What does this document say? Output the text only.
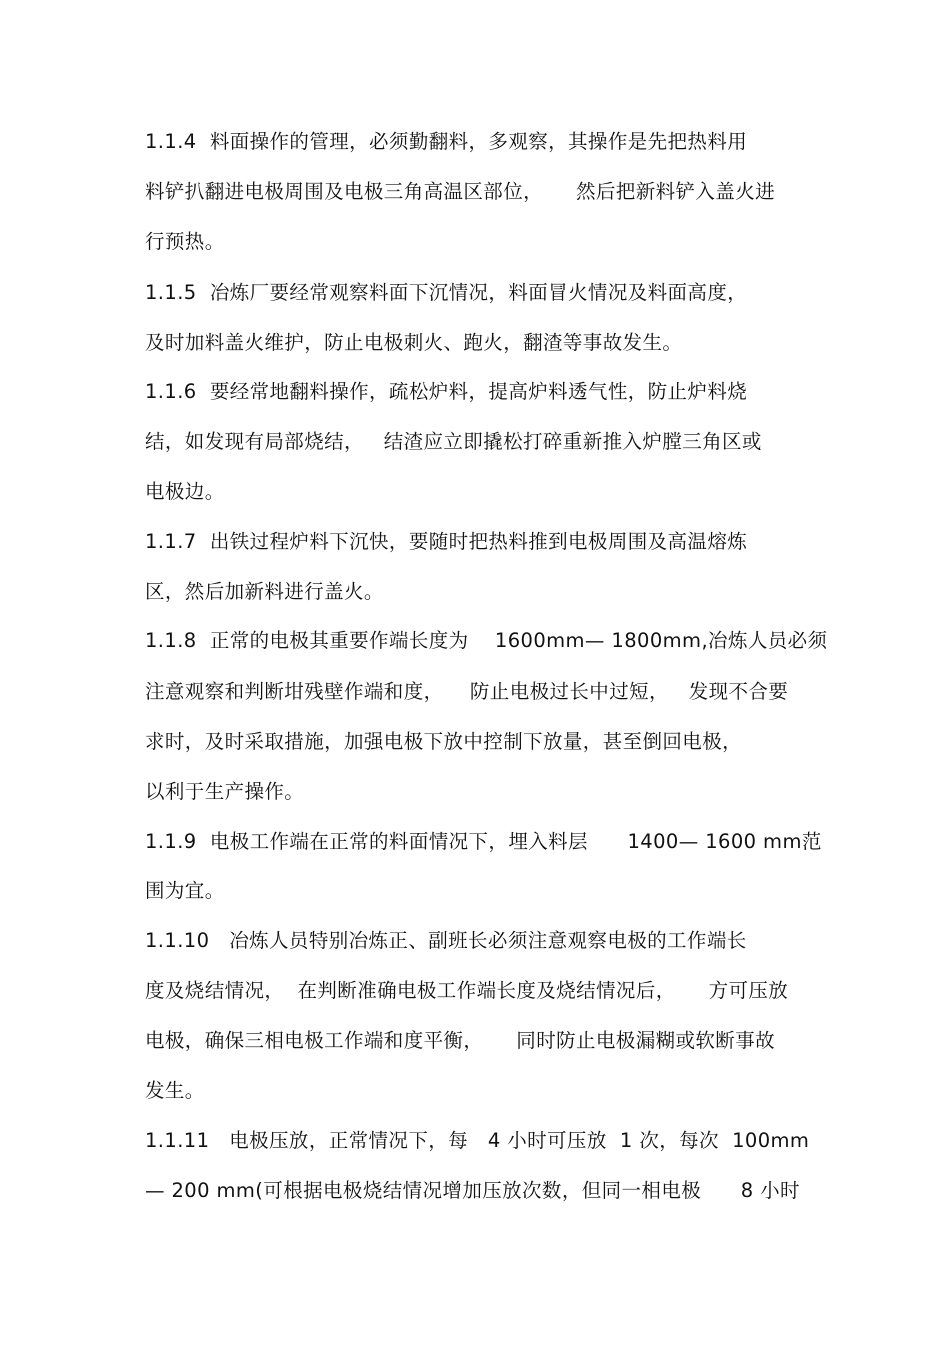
1.1.4  料面操作的管理，必须勤翻料，多观察，其操作是先把热料用
料铲扒翻进电极周围及电极三角高温区部位，     然后把新料铲入盖火进
行预热。
1.1.5  冶炼厂要经常观察料面下沉情况，料面冒火情况及料面高度，
及时加料盖火维护，防止电极刺火、跑火，翻渣等事故发生。
1.1.6  要经常地翻料操作，疏松炉料，提高炉料透气性，防止炉料烧
结，如发现有局部烧结，   结渣应立即撬松打碎重新推入炉膛三角区或
电极边。
1.1.7  出铁过程炉料下沉快，要随时把热料推到电极周围及高温熔炼
区，然后加新料进行盖火。
1.1.8  正常的电极其重要作端长度为    1600mm— 1800mm,冶炼人员必须
注意观察和判断坩残壁作端和度，    防止电极过长中过短，   发现不合要
求时，及时采取措施，加强电极下放中控制下放量，甚至倒回电极，
以利于生产操作。
1.1.9  电极工作端在正常的料面情况下，埋入料层      1400— 1600 mm范
围为宜。
1.1.10   冶炼人员特别冶炼正、副班长必须注意观察电极的工作端长
度及烧结情况，  在判断准确电极工作端长度及烧结情况后，     方可压放
电极，确保三相电极工作端和度平衡，     同时防止电极漏糊或软断事故
发生。
1.1.11   电极压放，正常情况下，每   4 小时可压放  1 次，每次  100mm
— 200 mm(可根据电极烧结情况增加压放次数，但同一相电极      8 小时
